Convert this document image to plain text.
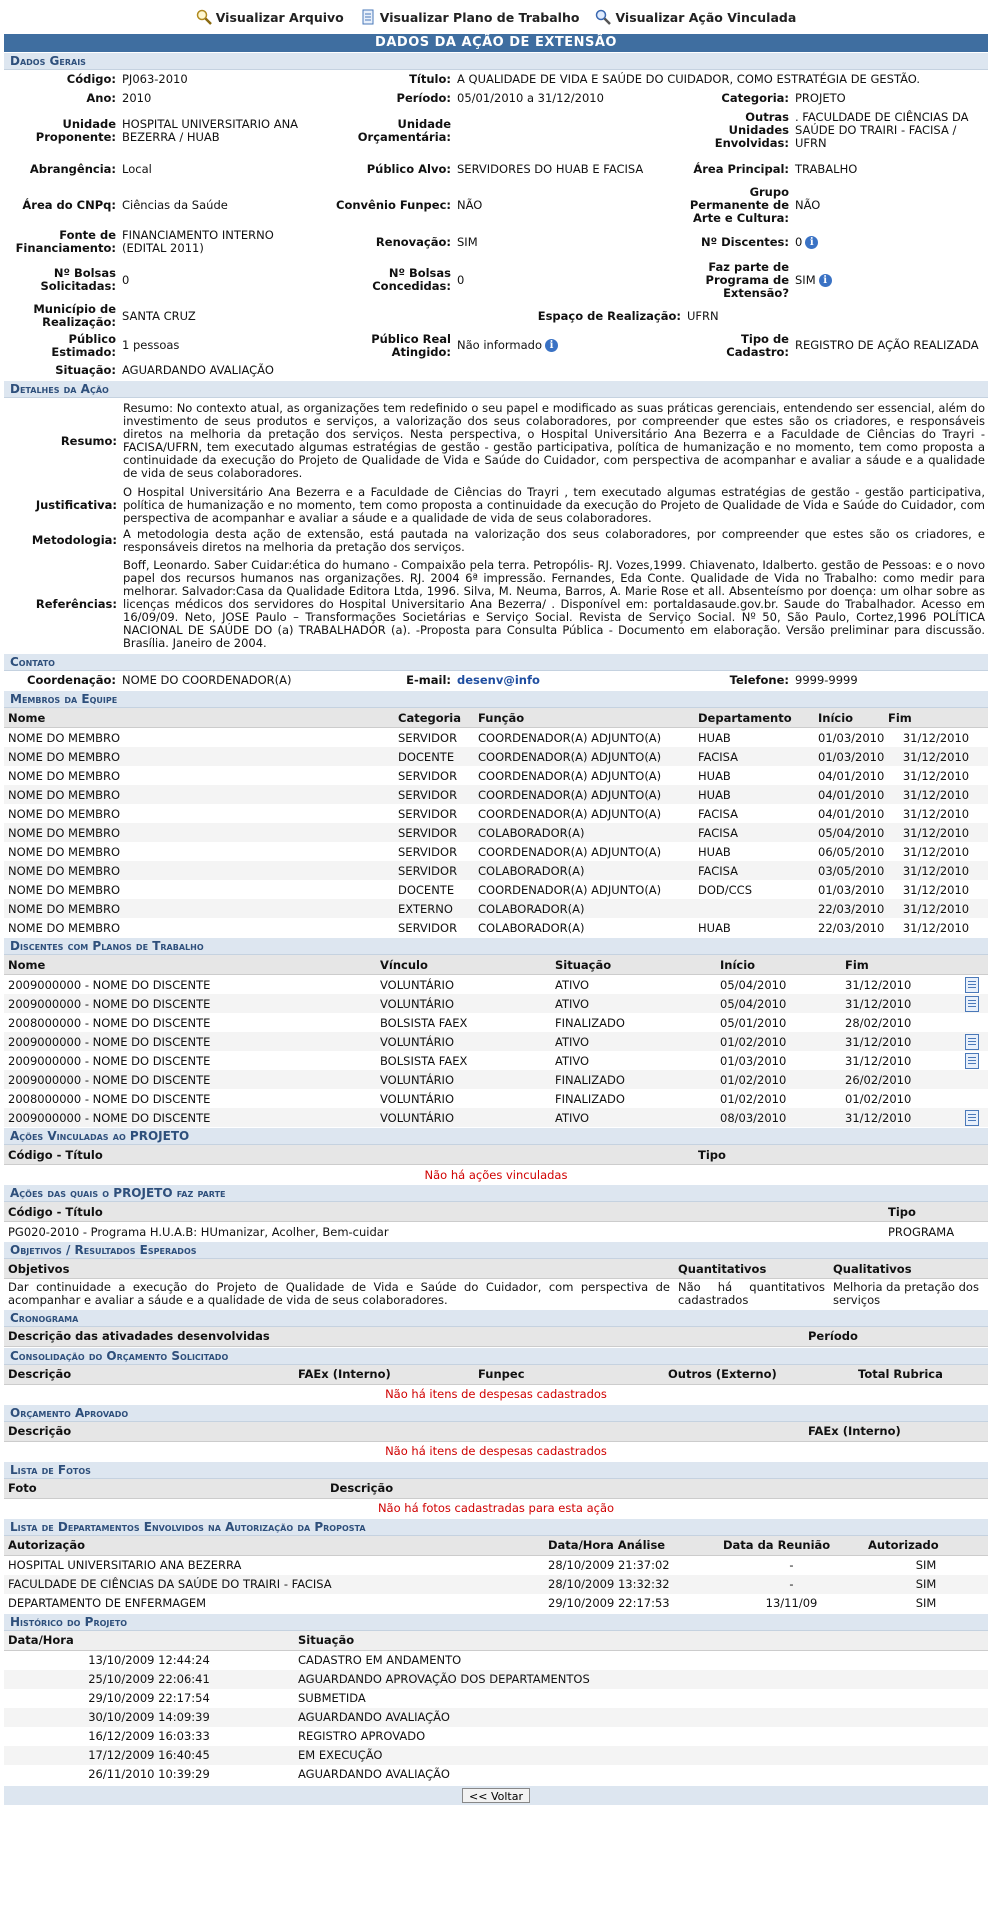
Visualizar Arquivo	Visualizar Plano de Trabalho	Visualizar Ação Vinculada
DADOS DA AÇÃO DE EXTENSÃO
Dados Gerais
Código:	PJ063-2010	Título:	A QUALIDADE DE VIDA E SAÚDE DO CUIDADOR, COMO ESTRATÉGIA DE GESTÃO.		
Ano:	2010	Período:	05/01/2010 a 31/12/2010	Categoria:	PROJETO
Unidade Proponente:	HOSPITAL UNIVERSITARIO ANA BEZERRA / HUAB	Unidade Orçamentária:		Outras Unidades Envolvidas:	. FACULDADE DE CIÊNCIAS DA SAÚDE DO TRAIRI - FACISA / UFRN
Abrangência:	Local	Público Alvo:	SERVIDORES DO HUAB E FACISA	Área Principal:	TRABALHO
Área do CNPq:	Ciências da Saúde	Convênio Funpec:	NÃO	Grupo Permanente de Arte e Cultura:	NÃO
Fonte de Financiamento:	FINANCIAMENTO INTERNO (EDITAL 2011)	Renovação:	SIM	Nº Discentes:	0 i
Nº Bolsas Solicitadas:	0	Nº Bolsas Concedidas:	0	Faz parte de Programa de Extensão?	SIM i
Município de Realização:	SANTA CRUZ	Espaço de Realização:		UFRN	
Público Estimado:	1 pessoas	Público Real Atingido:	Não informado i	Tipo de Cadastro:	REGISTRO DE AÇÃO REALIZADA
Situação:	AGUARDANDO AVALIAÇÃO				
Detalhes da Ação
Resumo:	Resumo: No contexto atual, as organizações tem redefinido o seu papel e modificado as suas práticas gerenciais, entendendo ser essencial, além do investimento de seus produtos e serviços, a valorização dos seus colaboradores, por compreender que estes são os criadores, e responsáveis diretos na melhoria da pretação dos serviços. Nesta perspectiva, o Hospital Universitário Ana Bezerra e a Faculdade de Ciências do Trayri - FACISA/UFRN, tem executado algumas estratégias de gestão - gestão participativa, política de humanização e no momento, tem como proposta a continuidade da execução do Projeto de Qualidade de Vida e Saúde do Cuidador, com perspectiva de acompanhar e avaliar a sáude e a qualidade de vida de seus colaboradores.
Justificativa:	O Hospital Universitário Ana Bezerra e a Faculdade de Ciências do Trayri , tem executado algumas estratégias de gestão - gestão participativa, política de humanização e no momento, tem como proposta a continuidade da execução do Projeto de Qualidade de Vida e Saúde do Cuidador, com perspectiva de acompanhar e avaliar a sáude e a qualidade de vida de seus colaboradores.
Metodologia:	A metodologia desta ação de extensão, está pautada na valorização dos seus colaboradores, por compreender que estes são os criadores, e responsáveis diretos na melhoria da pretação dos serviços.
Referências:	Boff, Leonardo. Saber Cuidar:ética do humano - Compaixão pela terra. Petropólis- RJ. Vozes,1999. Chiavenato, Idalberto. gestão de Pessoas: e o novo papel dos recursos humanos nas organizações. RJ. 2004 6ª impressão. Fernandes, Eda Conte. Qualidade de Vida no Trabalho: como medir para melhorar. Salvador:Casa da Qualidade Editora Ltda, 1996. Silva, M. Neuma, Barros, A. Marie Rose et all. Absenteísmo por doença: um olhar sobre as licenças médicos dos servidores do Hospital Universitario Ana Bezerra/ . Disponível em: portaldasaude.gov.br. Saude do Trabalhador. Acesso em 16/09/09. Neto, JOSE Paulo – Transformações Societárias e Serviço Social. Revista de Serviço Social. Nº 50, São Paulo, Cortez,1996 POLÍTICA NACIONAL DE SAÚDE DO (a) TRABALHADOR (a). -Proposta para Consulta Pública - Documento em elaboração. Versão preliminar para discussão. Brasília. Janeiro de 2004.
Contato
Coordenação:	NOME DO COORDENADOR(A)	E-mail:	desenv@info	Telefone:	9999-9999
Membros da Equipe
Nome	Categoria	Função	Departamento	Início	Fim
NOME DO MEMBRO	SERVIDOR	COORDENADOR(A) ADJUNTO(A)	HUAB	01/03/2010	31/12/2010
NOME DO MEMBRO	DOCENTE	COORDENADOR(A) ADJUNTO(A)	FACISA	01/03/2010	31/12/2010
NOME DO MEMBRO	SERVIDOR	COORDENADOR(A) ADJUNTO(A)	HUAB	04/01/2010	31/12/2010
NOME DO MEMBRO	SERVIDOR	COORDENADOR(A) ADJUNTO(A)	HUAB	04/01/2010	31/12/2010
NOME DO MEMBRO	SERVIDOR	COORDENADOR(A) ADJUNTO(A)	FACISA	04/01/2010	31/12/2010
NOME DO MEMBRO	SERVIDOR	COLABORADOR(A)	FACISA	05/04/2010	31/12/2010
NOME DO MEMBRO	SERVIDOR	COORDENADOR(A) ADJUNTO(A)	HUAB	06/05/2010	31/12/2010
NOME DO MEMBRO	SERVIDOR	COLABORADOR(A)	FACISA	03/05/2010	31/12/2010
NOME DO MEMBRO	DOCENTE	COORDENADOR(A) ADJUNTO(A)	DOD/CCS	01/03/2010	31/12/2010
NOME DO MEMBRO	EXTERNO	COLABORADOR(A)		22/03/2010	31/12/2010
NOME DO MEMBRO	SERVIDOR	COLABORADOR(A)	HUAB	22/03/2010	31/12/2010
Discentes com Planos de Trabalho
Nome	Vínculo	Situação	Início	Fim	
2009000000 - NOME DO DISCENTE	VOLUNTÁRIO	ATIVO	05/04/2010	31/12/2010	
2009000000 - NOME DO DISCENTE	VOLUNTÁRIO	ATIVO	05/04/2010	31/12/2010	
2008000000 - NOME DO DISCENTE	BOLSISTA FAEX	FINALIZADO	05/01/2010	28/02/2010	
2009000000 - NOME DO DISCENTE	VOLUNTÁRIO	ATIVO	01/02/2010	31/12/2010	
2009000000 - NOME DO DISCENTE	BOLSISTA FAEX	ATIVO	01/03/2010	31/12/2010	
2009000000 - NOME DO DISCENTE	VOLUNTÁRIO	FINALIZADO	01/02/2010	26/02/2010	
2008000000 - NOME DO DISCENTE	VOLUNTÁRIO	FINALIZADO	01/02/2010	01/02/2010	
2009000000 - NOME DO DISCENTE	VOLUNTÁRIO	ATIVO	08/03/2010	31/12/2010	
Ações Vinculadas ao PROJETO
Código - Título	Tipo
Não há ações vinculadas
Ações das quais o PROJETO faz parte
Código - Título	Tipo
PG020-2010 - Programa H.U.A.B: HUmanizar, Acolher, Bem-cuidar	PROGRAMA
Objetivos / Resultados Esperados
Objetivos	Quantitativos	Qualitativos
Dar continuidade a execução do Projeto de Qualidade de Vida e Saúde do Cuidador, com perspectiva de acompanhar e avaliar a sáude e a qualidade de vida de seus colaboradores.	Não há quantitativos cadastrados	Melhoria da pretação dos serviços
Cronograma
Descrição das ativadades desenvolvidas	Período
Consolidação do Orçamento Solicitado
Descrição	FAEx (Interno)	Funpec	Outros (Externo)	Total Rubrica
Não há itens de despesas cadastrados
Orçamento Aprovado
Descrição	FAEx (Interno)
Não há itens de despesas cadastrados
Lista de Fotos
Foto	Descrição
Não há fotos cadastradas para esta ação
Lista de Departamentos Envolvidos na Autorização da Proposta
Autorização	Data/Hora Análise	Data da Reunião	Autorizado
HOSPITAL UNIVERSITARIO ANA BEZERRA	28/10/2009 21:37:02	-	SIM
FACULDADE DE CIÊNCIAS DA SAÚDE DO TRAIRI - FACISA	28/10/2009 13:32:32	-	SIM
DEPARTAMENTO DE ENFERMAGEM	29/10/2009 22:17:53	13/11/09	SIM
Histórico do Projeto
Data/Hora	Situação
13/10/2009 12:44:24	CADASTRO EM ANDAMENTO
25/10/2009 22:06:41	AGUARDANDO APROVAÇÃO DOS DEPARTAMENTOS
29/10/2009 22:17:54	SUBMETIDA
30/10/2009 14:09:39	AGUARDANDO AVALIAÇÃO
16/12/2009 16:03:33	REGISTRO APROVADO
17/12/2009 16:40:45	EM EXECUÇÃO
26/11/2010 10:39:29	AGUARDANDO AVALIAÇÃO
<< Voltar
